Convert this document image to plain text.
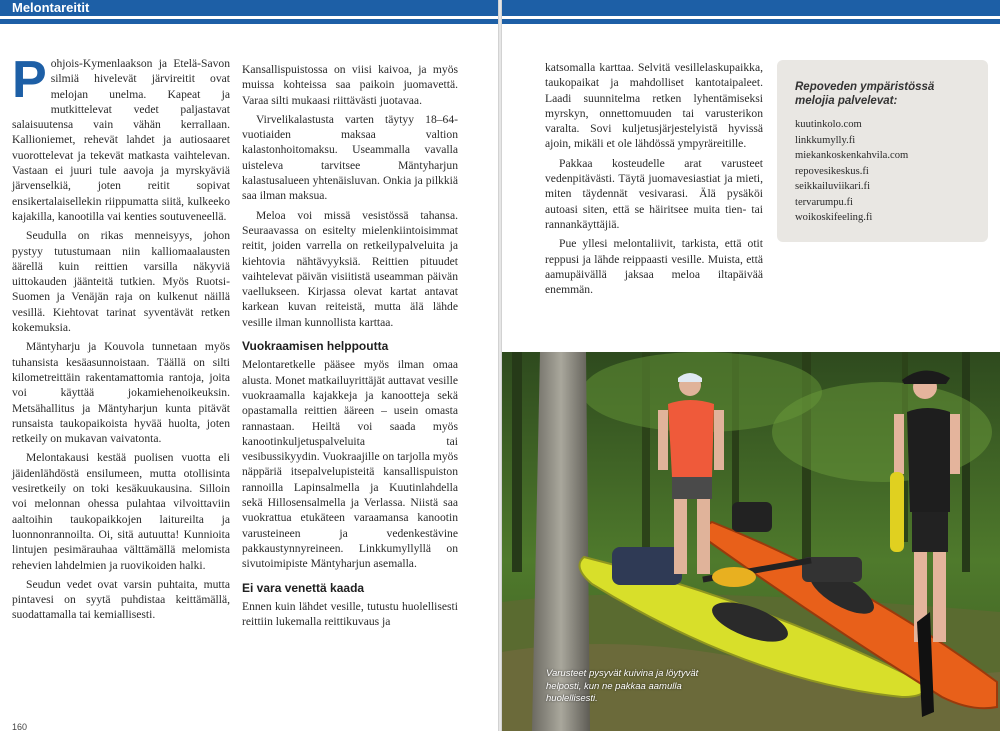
Melontareitit

Pohjois-Kymenlaakson ja Etelä-Savon silmiä hivelevät järvireitit ovat melojan unelma. Kapeat ja mutkittelevat vedet paljastavat salaisuutensa vain vähän kerrallaan. Kallioniemet, rehevät lahdet ja autiosaaret vuorottelevat ja tekevät matkasta vaihtelevan. Vastaan ei juuri tule aavoja ja myrskyäviä järvenselkiä, joten reitit sopivat ensikertalaisellekin riippumatta siitä, kulkeeko kajakilla, kanootilla vai kenties soutuveneellä.

Seudulla on rikas menneisyys, johon pystyy tutustumaan niin kalliomaalausten äärellä kuin reittien varsilla näkyviä uittokauden jäänteitä tutkien. Myös Ruotsi-Suomen ja Venäjän raja on kulkenut näillä vesillä. Kiehtovat tarinat syventävät retken kokemuksia.

Mäntyharju ja Kouvola tunnetaan myös tuhansista kesäasunnoistaan. Täällä on silti kilometreittäin rakentamattomia rantoja, joita voi käyttää jokamiehenoikeuksin. Metsähallitus ja Mäntyharjun kunta pitävät runsaista taukopaikoista hyvää huolta, joten retkeily on mukavan vaivatonta.

Melontakausi kestää puolisen vuotta eli jäidenlähdöstä ensilumeen, mutta otollisinta vesiretkeily on toki kesäkuukausina. Silloin voi melonnan ohessa pulahtaa vilvoittaviin aaltoihin taukopaikkojen laitureilta ja luonnonrannoilta. Oi, sitä autuutta! Kunnioita lintujen pesimärauhaa välttämällä melomista rehevien lahdelmien ja ruovikoiden halki.

Seudun vedet ovat varsin puhtaita, mutta pintavesi on syytä puhdistaa keittämällä, suodattamalla tai kemiallisesti.

Kansallispuistossa on viisi kaivoa, ja myös muissa kohteissa saa paikoin juomavettä. Varaa silti mukaasi riittävästi juotavaa.

Virvelikalastusta varten täytyy 18–64-vuotiaiden maksaa valtion kalastonhoitomaksu. Useammalla vavalla uisteleva tarvitsee Mäntyharjun kalastusalueen yhtenäisluvan. Onkia ja pilkkiä saa ilman maksua.

Meloa voi missä vesistössä tahansa. Seuraavassa on esitelty mielenkiintoisimmat reitit, joiden varrella on retkeilypalveluita ja kiehtovia nähtävyyksiä. Reittien pituudet vaihtelevat päivän visiitistä useamman päivän vaellukseen. Kirjassa olevat kartat antavat karkean kuvan reiteistä, mutta älä lähde vesille ilman kunnollista karttaa.

Vuokraamisen helppoutta

Melontaretkelle pääsee myös ilman omaa alusta. Monet matkailuyrittäjät auttavat vesille vuokraamalla kajakkeja ja kanootteja sekä opastamalla reittien ääreen – usein omasta rannastaan. Heiltä voi saada myös kanootinkuljetuspalveluita tai vesibussikyydin. Vuokraajille on tarjolla myös näppäriä itsepalvelupisteitä kansallispuiston rannoilla Lapinsalmella ja Kuutinlahdella sekä Hillosensalmella ja Verlassa. Niistä saa vuokrattua etukäteen varaamansa kanootin varusteineen ja vedenkestävine pakkaustynnyreineen. Linkkumyllyllä on sivutoimipiste Mäntyharjun asemalla.

Ei vara venettä kaada

Ennen kuin lähdet vesille, tutustu huolellisesti reittiin lukemalla reittikuvaus ja

160

katsomalla karttaa. Selvitä vesillelaskupaikka, taukopaikat ja mahdolliset kantotaipaleet. Laadi suunnitelma retken lyhentämiseksi myrskyn, onnettomuuden tai varusterikon varalta. Sovi kuljetusjärjestelyistä hyvissä ajoin, mikäli et ole lähdössä ympyräreitille.

Pakkaa kosteudelle arat varusteet vedenpitävästi. Täytä juomavesiastiat ja mieti, miten täydennät vesivarasi. Älä pysäköi autoasi siten, että se häiritsee muita tien- tai rannankäyttäjiä.

Pue yllesi melontaliivit, tarkista, että otit reppusi ja lähde reippaasti vesille. Muista, että aamupäivällä jaksaa meloa iltapäivää enemmän.

Repoveden ympäristössä melojia palvelevat:
kuutinkolo.com
linkkumylly.fi
miekankoskenkahvila.com
repovesikeskus.fi
seikkailuviikari.fi
tervarumpu.fi
woikoskifeeling.fi
Varusteet pysyvät kuivina ja löytyvät helposti, kun ne pakkaa aamulla huolellisesti.
